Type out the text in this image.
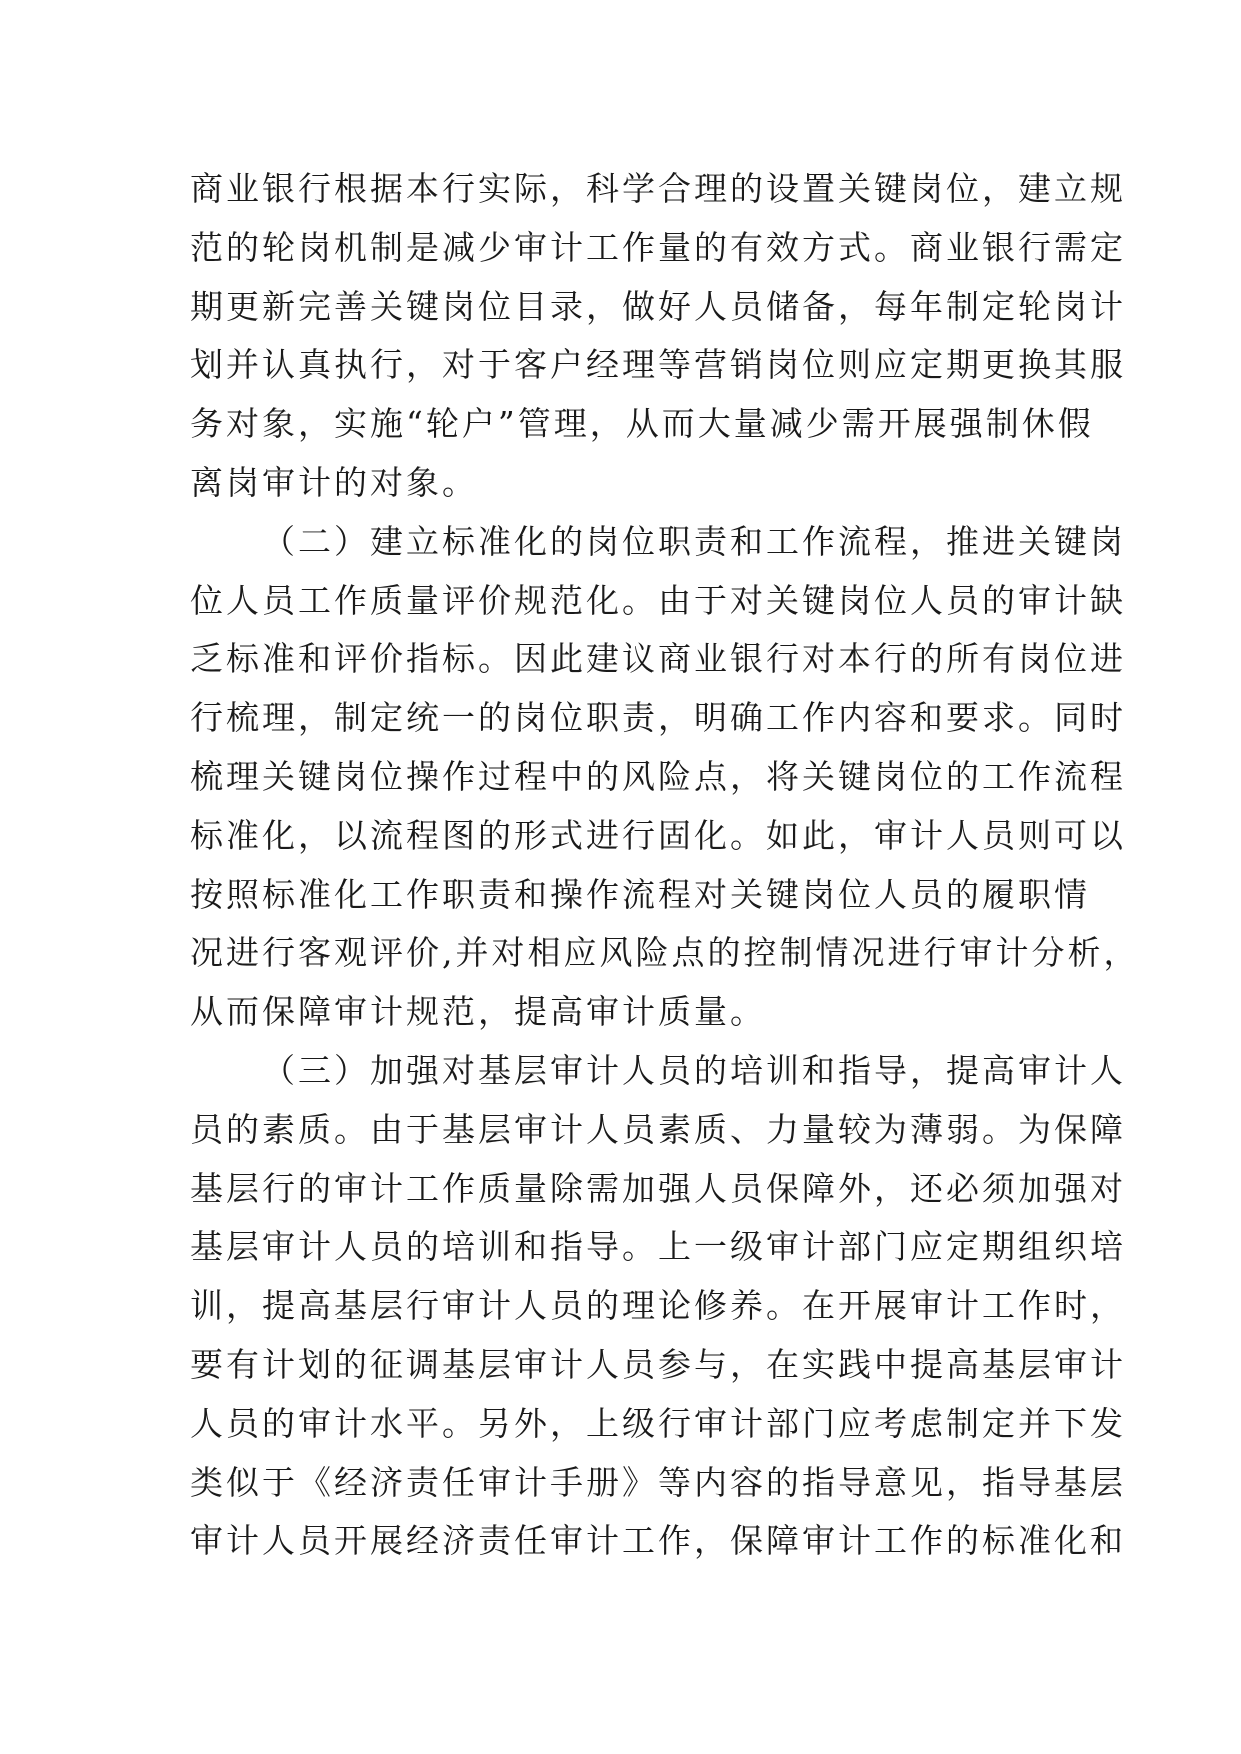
商业银行根据本行实际，科学合理的设置关键岗位，建立规
范的轮岗机制是减少审计工作量的有效方式。商业银行需定
期更新完善关键岗位目录，做好人员储备，每年制定轮岗计
划并认真执行，对于客户经理等营销岗位则应定期更换其服
务对象，实施“轮户”管理，从而大量减少需开展强制休假
离岗审计的对象。
（二）建立标准化的岗位职责和工作流程，推进关键岗
位人员工作质量评价规范化。由于对关键岗位人员的审计缺
乏标准和评价指标。因此建议商业银行对本行的所有岗位进
行梳理，制定统一的岗位职责，明确工作内容和要求。同时
梳理关键岗位操作过程中的风险点，将关键岗位的工作流程
标准化，以流程图的形式进行固化。如此，审计人员则可以
按照标准化工作职责和操作流程对关键岗位人员的履职情
况进行客观评价,并对相应风险点的控制情况进行审计分析，
从而保障审计规范，提高审计质量。
（三）加强对基层审计人员的培训和指导，提高审计人
员的素质。由于基层审计人员素质、力量较为薄弱。为保障
基层行的审计工作质量除需加强人员保障外，还必须加强对
基层审计人员的培训和指导。上一级审计部门应定期组织培
训，提高基层行审计人员的理论修养。在开展审计工作时，
要有计划的征调基层审计人员参与，在实践中提高基层审计
人员的审计水平。另外，上级行审计部门应考虑制定并下发
类似于《经济责任审计手册》等内容的指导意见，指导基层
审计人员开展经济责任审计工作，保障审计工作的标准化和
